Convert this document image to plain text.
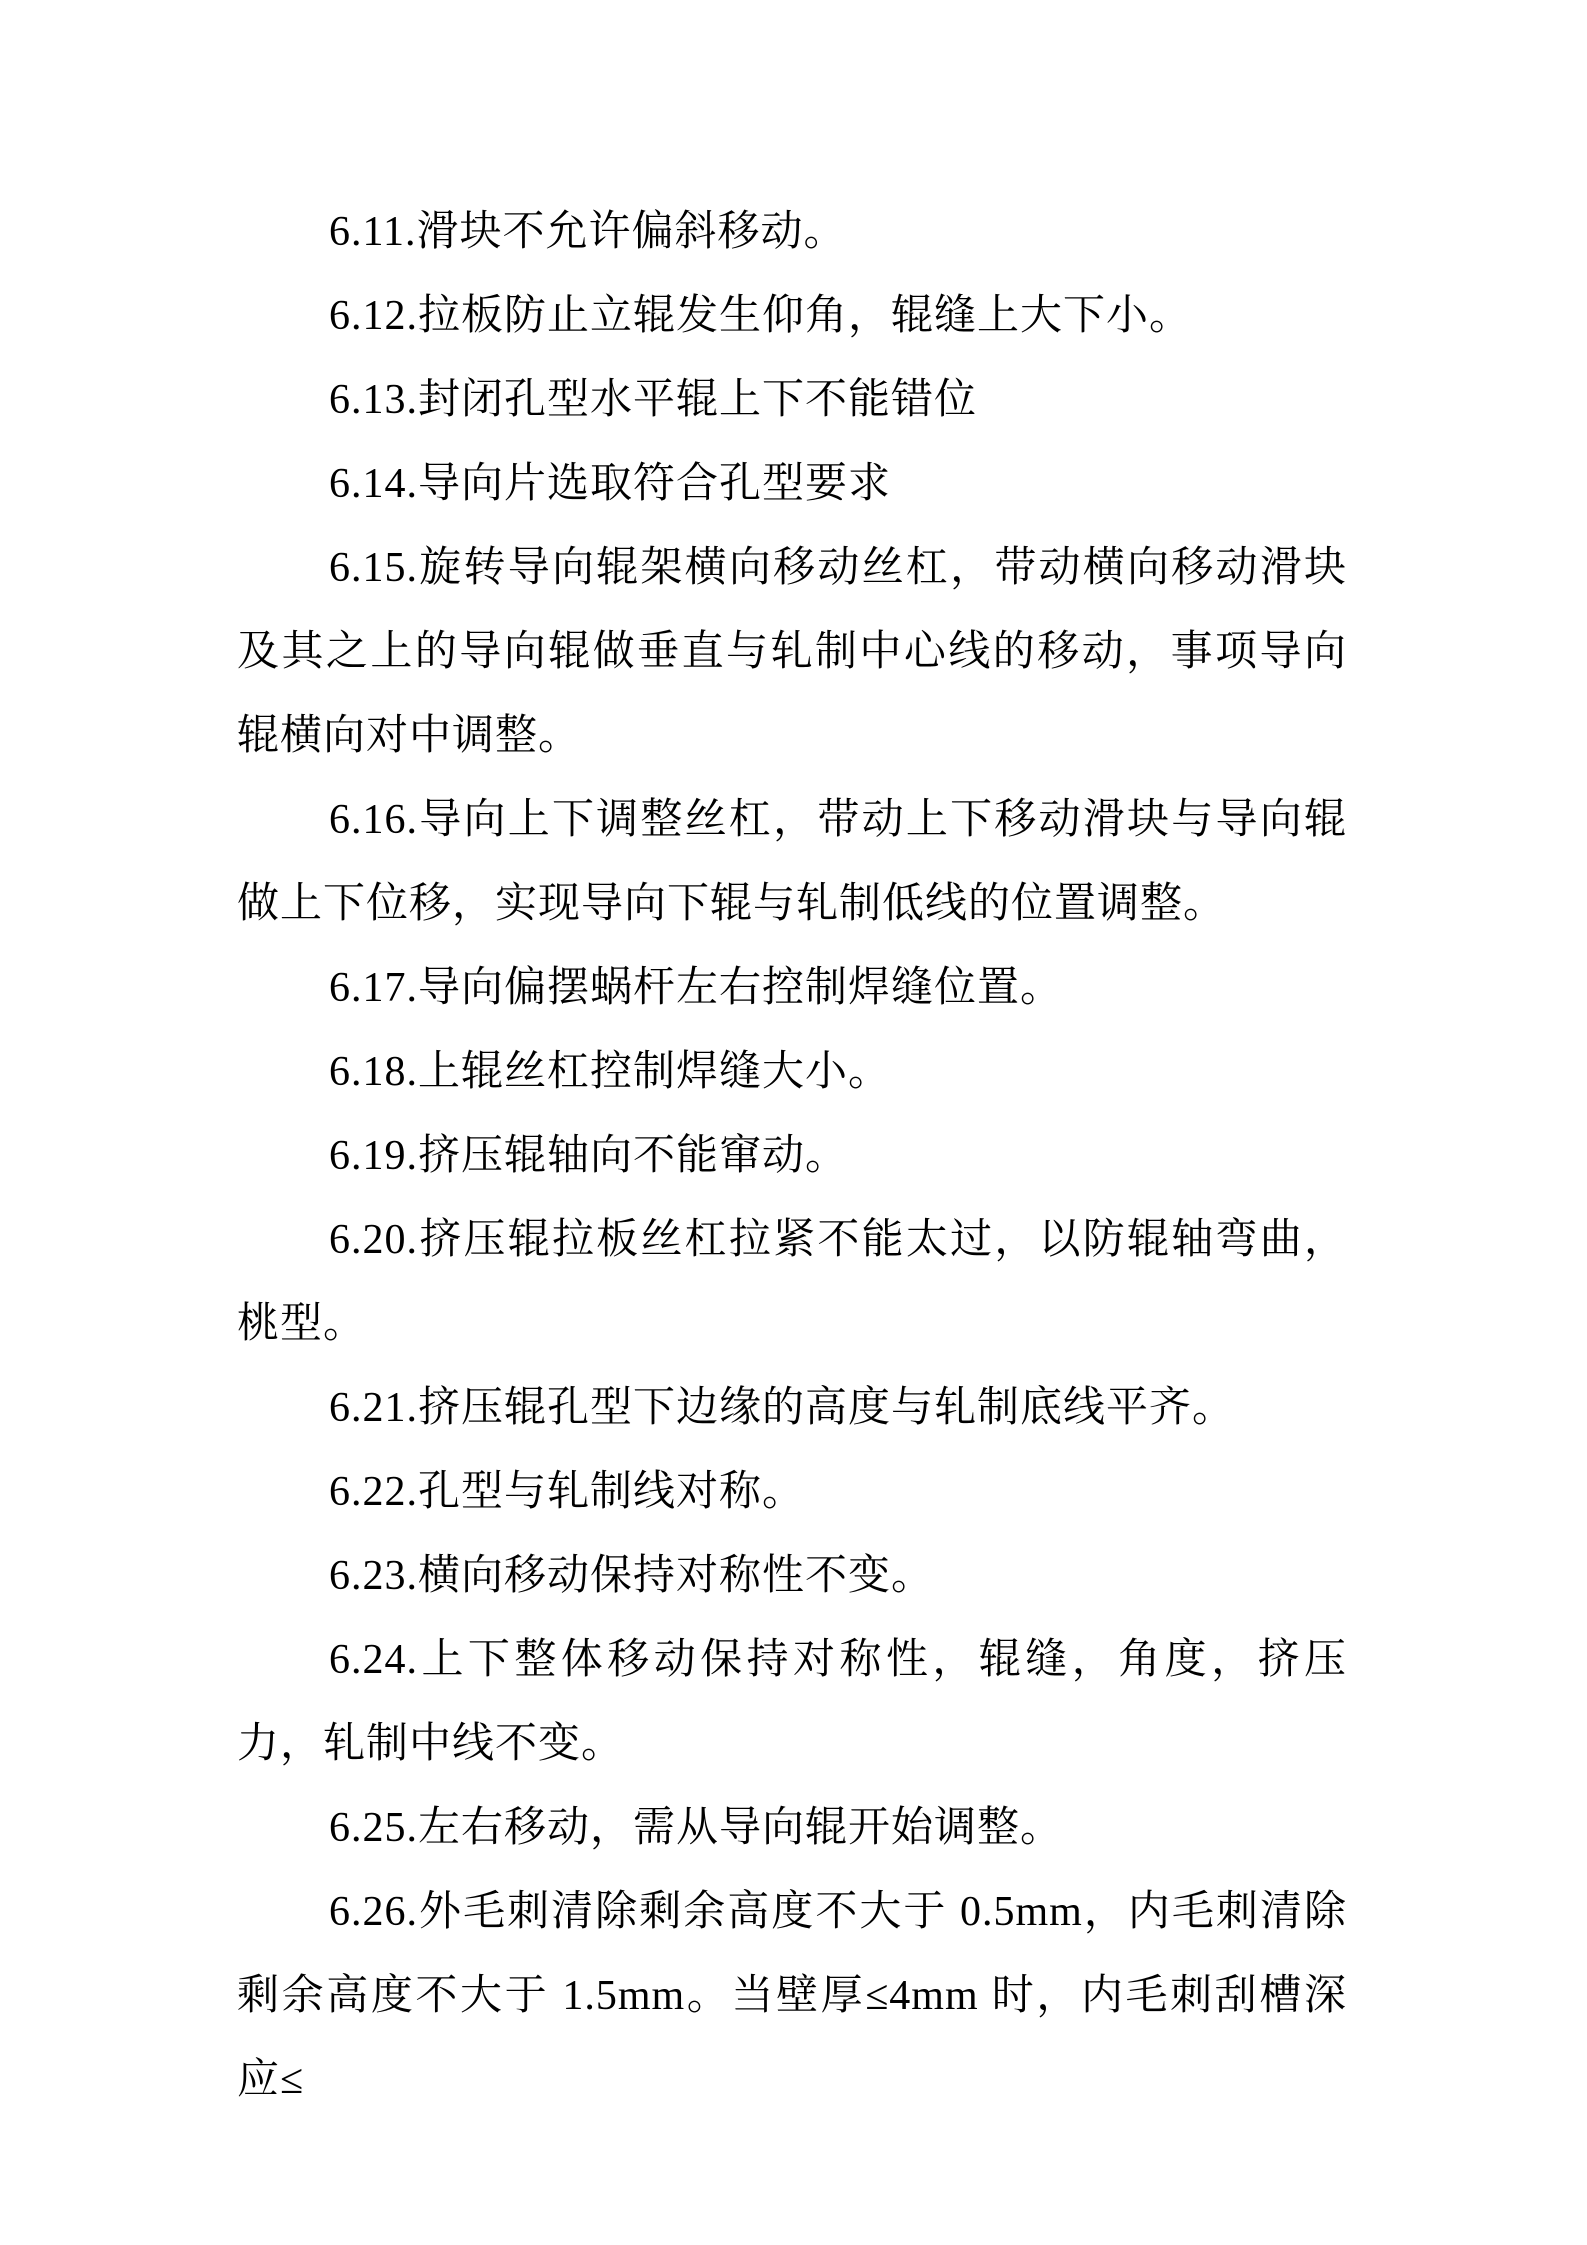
6.11.滑块不允许偏斜移动。

6.12.拉板防止立辊发生仰角，辊缝上大下小。

6.13.封闭孔型水平辊上下不能错位

6.14.导向片选取符合孔型要求

6.15.旋转导向辊架横向移动丝杠，带动横向移动滑块及其之上的导向辊做垂直与轧制中心线的移动，事项导向辊横向对中调整。

6.16.导向上下调整丝杠，带动上下移动滑块与导向辊做上下位移，实现导向下辊与轧制低线的位置调整。

6.17.导向偏摆蜗杆左右控制焊缝位置。

6.18.上辊丝杠控制焊缝大小。

6.19.挤压辊轴向不能窜动。

6.20.挤压辊拉板丝杠拉紧不能太过，以防辊轴弯曲，桃型。

6.21.挤压辊孔型下边缘的高度与轧制底线平齐。

6.22.孔型与轧制线对称。

6.23.横向移动保持对称性不变。

6.24.上下整体移动保持对称性，辊缝，角度，挤压力，轧制中线不变。

6.25.左右移动，需从导向辊开始调整。

6.26.外毛刺清除剩余高度不大于 0.5mm，内毛刺清除剩余高度不大于 1.5mm。当壁厚≤4mm 时，内毛刺刮槽深应≤
